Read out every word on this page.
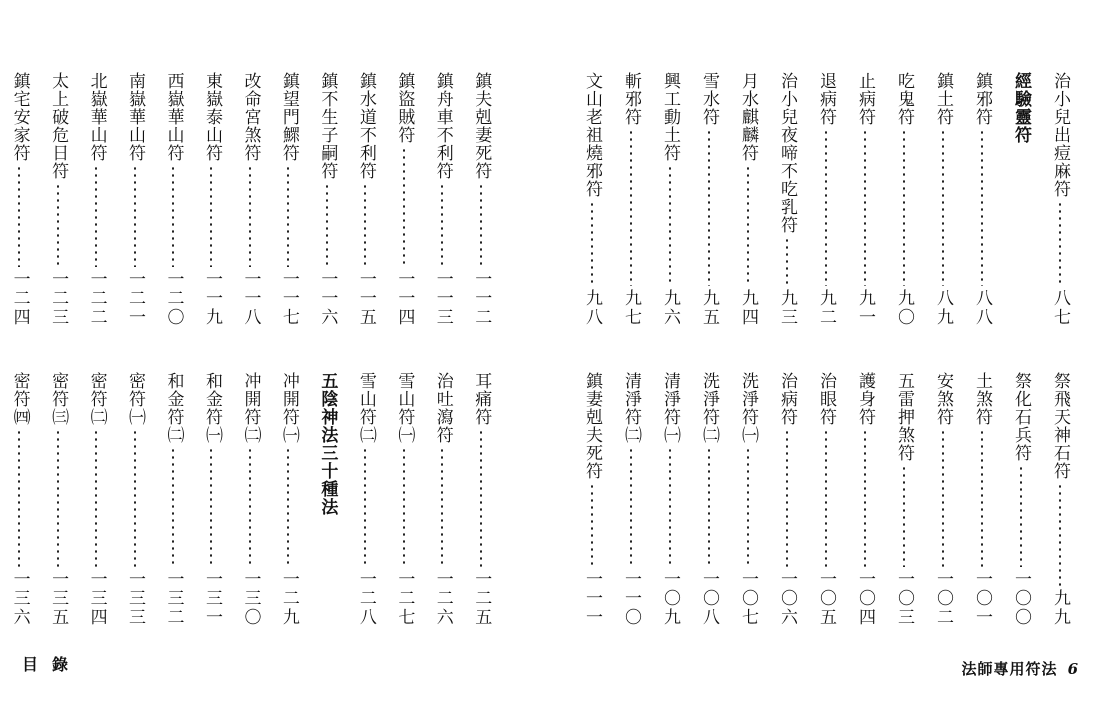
鎮夫剋妻死符
一一二
鎮舟車不利符
一一三
鎮盜賊符
一一四
鎮水道不利符
一一五
鎮不生子嗣符
一一六
鎮望門鰥符
一一七
改命宮煞符
一一八
東嶽泰山符
一一九
西嶽華山符
一二〇
南嶽華山符
一二一
北嶽華山符
一二二
太上破危日符
一二三
鎮宅安家符
一二四
耳痛符
一二五
治吐瀉符
一二六
雪山符㈠
一二七
雪山符㈡
一二八
五陰神法三十種法
冲開符㈠
一二九
冲開符㈡
一三〇
和金符㈠
一三一
和金符㈡
一三二
密符㈠
一三三
密符㈡
一三四
密符㈢
一三五
密符㈣
一三六
目錄
治小兒出痘麻符
八七
經驗靈符
鎮邪符
八八
鎮土符
八九
吃鬼符
九〇
止病符
九一
退病符
九二
治小兒夜啼不吃乳符
九三
月水麒麟符
九四
雪水符
九五
興工動土符
九六
斬邪符
九七
文山老祖燒邪符
九八
祭飛天神石符
九九
祭化石兵符
一〇〇
土煞符
一〇一
安煞符
一〇二
五雷押煞符
一〇三
護身符
一〇四
治眼符
一〇五
治病符
一〇六
洗淨符㈠
一〇七
洗淨符㈡
一〇八
清淨符㈠
一〇九
清淨符㈡
一一〇
鎮妻剋夫死符
一一一
法師專用符法 6
